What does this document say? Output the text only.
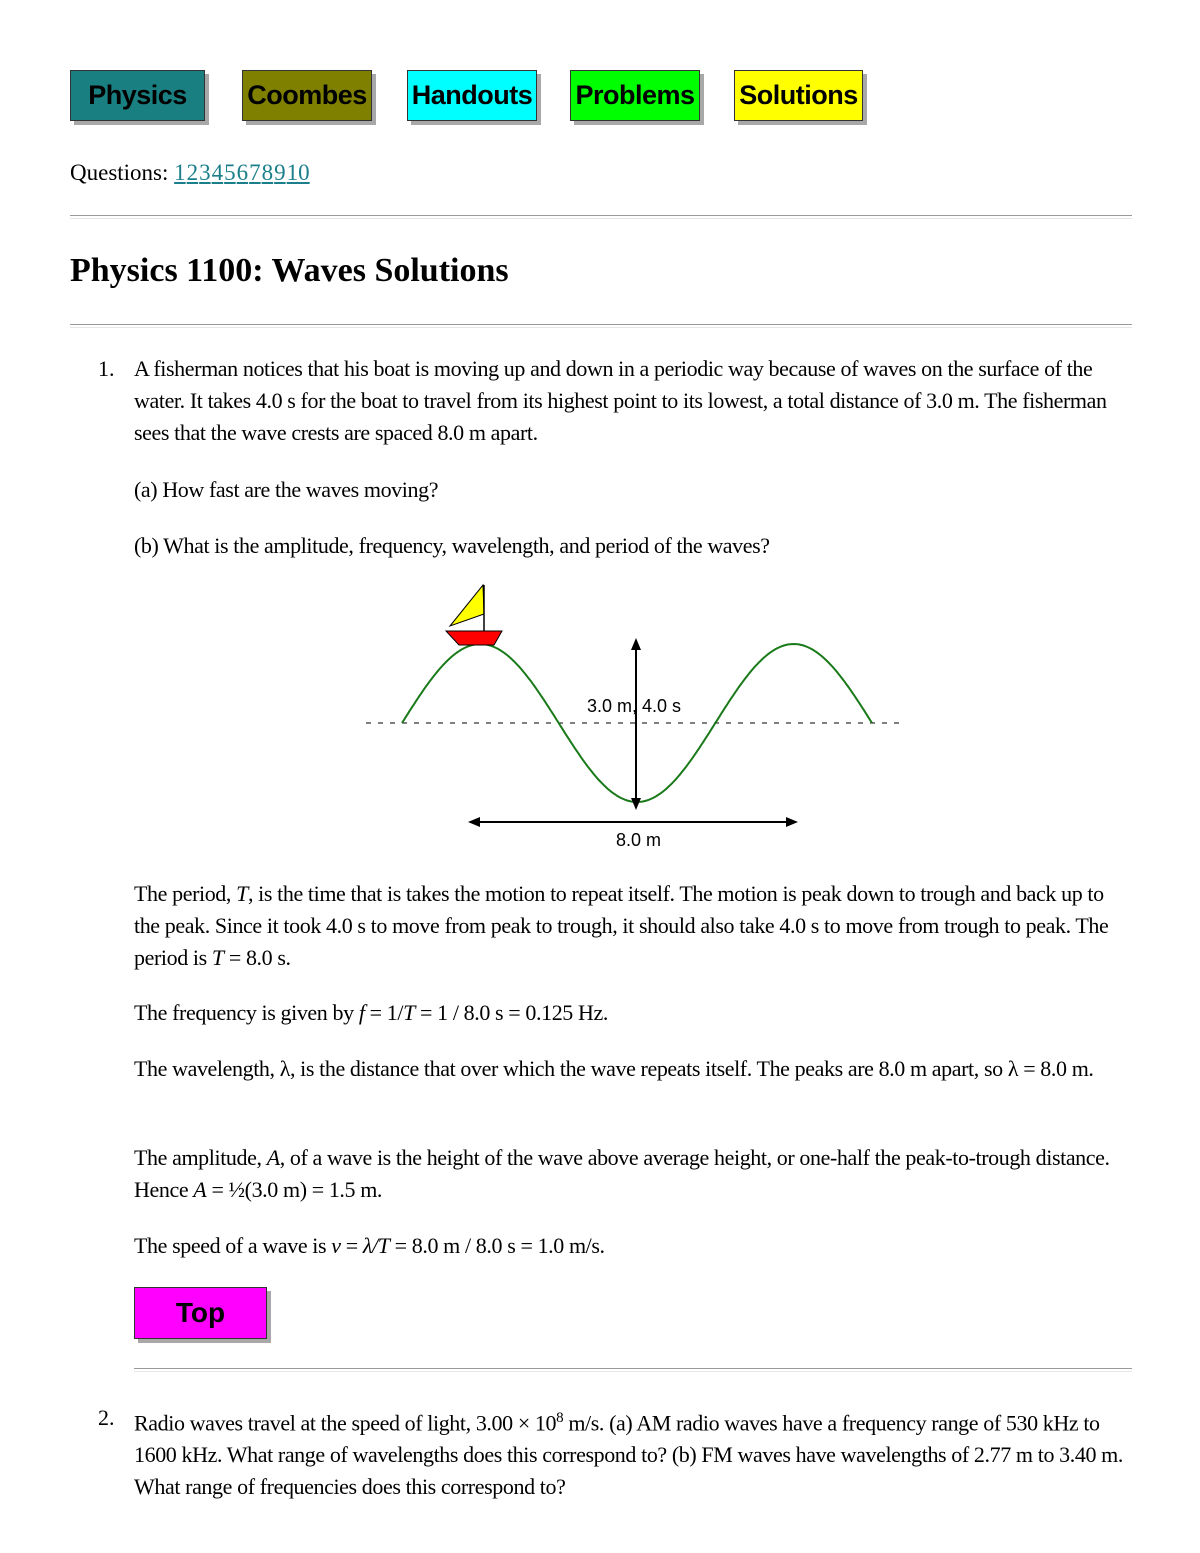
Physics	Coombes Handouts Problems Solutions
Questions: 12345678910
Physics 1100: Waves Solutions
1. A fisherman notices that his boat is moving up and down in a periodic way because of waves on the surface of the water. It takes 4.0 s for the boat to travel from its highest point to its lowest, a total distance of 3.0 m. The fisherman sees that the wave crests are spaced 8.0 m apart.

(a) How fast are the waves moving?

(b) What is the amplitude, frequency, wavelength, and period of the waves?

3.0 m, 4.0 s
8.0 m

The period, T, is the time that is takes the motion to repeat itself. The motion is peak down to trough and back up to the peak. Since it took 4.0 s to move from peak to trough, it should also take 4.0 s to move from trough to peak. The period is T = 8.0 s.

The frequency is given by f = 1/T = 1 / 8.0 s = 0.125 Hz.

The wavelength, λ, is the distance that over which the wave repeats itself. The peaks are 8.0 m apart, so λ = 8.0 m.

The amplitude, A, of a wave is the height of the wave above average height, or one-half the peak-to-trough distance. Hence A = ½(3.0 m) = 1.5 m.

The speed of a wave is v = λ/T = 8.0 m / 8.0 s = 1.0 m/s.

Top
2. Radio waves travel at the speed of light, $3.00 \times 10^8$ m/s. (a) AM radio waves have a frequency range of 530 kHz to 1600 kHz. What range of wavelengths does this correspond to? (b) FM waves have wavelengths of 2.77 m to 3.40 m. What range of frequencies does this correspond to?
